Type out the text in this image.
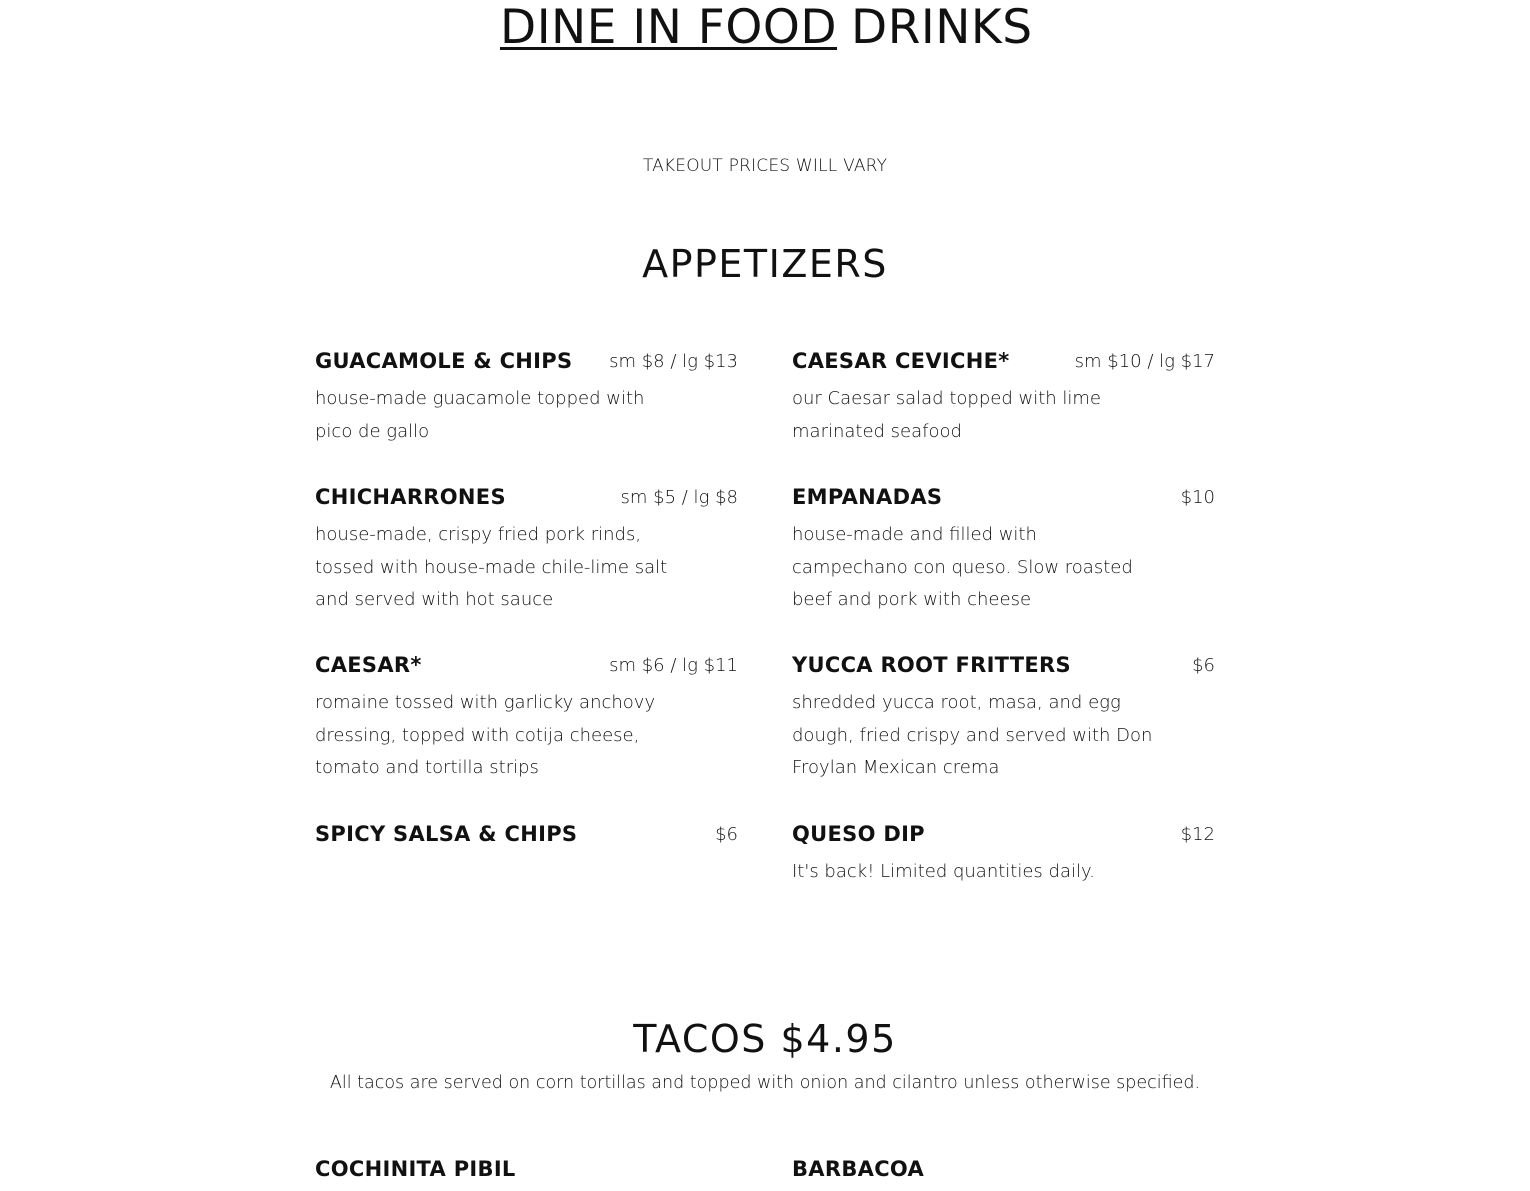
DINE IN FOOD DRINKS
TAKEOUT PRICES WILL VARY
APPETIZERS
GUACAMOLE & CHIPS sm $8 / lg $13
house-made guacamole topped with pico de gallo
CAESAR CEVICHE*	sm $10 / lg $17
our Caesar salad topped with lime marinated seafood
CHICHARRONES	sm $5 / lg $8
house-made, crispy fried pork rinds, tossed with house-made chile-lime salt and served with hot sauce
EMPANADAS	$10
house-made and filled with campechano con queso. Slow roasted beef and pork with cheese
CAESAR*	sm $6 / lg $11
romaine tossed with garlicky anchovy dressing, topped with cotija cheese, tomato and tortilla strips
YUCCA ROOT FRITTERS	$6
shredded yucca root, masa, and egg dough, fried crispy and served with Don Froylan Mexican crema
SPICY SALSA & CHIPS	$6	QUESO DIP	$12
It's back! Limited quantities daily.
TACOS $4.95
All tacos are served on corn tortillas and topped with onion and cilantro unless otherwise specified.
COCHINITA PIBIL	BARBACOA
